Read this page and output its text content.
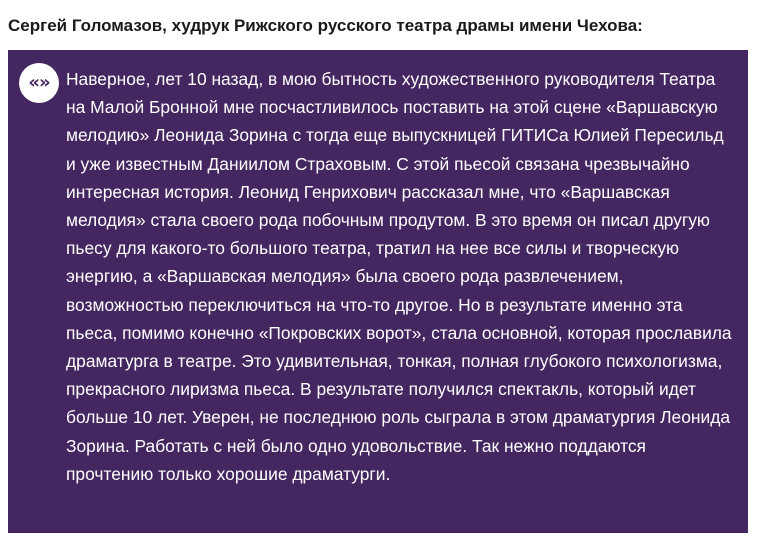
Сергей Голомазов, худрук Рижского русского театра драмы имени Чехова:
«» Наверное, лет 10 назад, в мою бытность художественного руководителя Театра на Малой Бронной мне посчастливилось поставить на этой сцене «Варшавскую мелодию» Леонида Зорина с тогда еще выпускницей ГИТИСа Юлией Пересильд и уже известным Даниилом Страховым. С этой пьесой связана чрезвычайно интересная история. Леонид Генрихович рассказал мне, что «Варшавская мелодия» стала своего рода побочным продутом. В это время он писал другую пьесу для какого-то большого театра, тратил на нее все силы и творческую энергию, а «Варшавская мелодия» была своего рода развлечением, возможностью переключиться на что-то другое. Но в результате именно эта пьеса, помимо конечно «Покровских ворот», стала основной, которая прославила драматурга в театре. Это удивительная, тонкая, полная глубокого психологизма, прекрасного лиризма пьеса. В результате получился спектакль, который идет больше 10 лет. Уверен, не последнюю роль сыграла в этом драматургия Леонида Зорина. Работать с ней было одно удовольствие. Так нежно поддаются прочтению только хорошие драматурги.
